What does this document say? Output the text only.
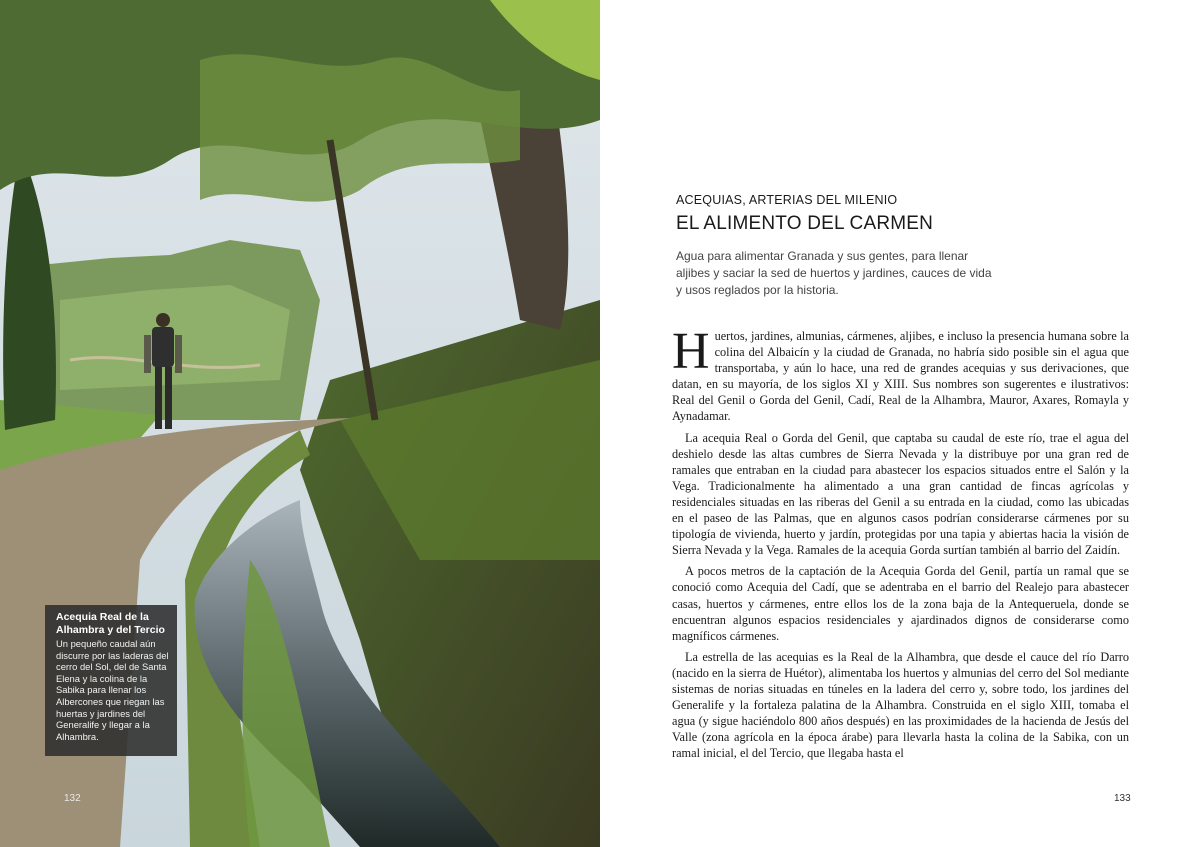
Acequia Real de la Alhambra y del Tercio

Un pequeño caudal aún discurre por las laderas del cerro del Sol, del de Santa Elena y la colina de la Sabika para llenar los Albercones que riegan las huertas y jardines del Generalife y llegar a la Alhambra.

132
ACEQUIAS, ARTERIAS DEL MILENIO
EL ALIMENTO DEL CARMEN
Agua para alimentar Granada y sus gentes, para llenar
aljibes y saciar la sed de huertos y jardines, cauces de vida
y usos reglados por la historia.

Huertos, jardines, almunias, cármenes, aljibes, e incluso la presencia humana sobre la colina del Albaicín y la ciudad de Granada, no habría sido posible sin el agua que transportaba, y aún lo hace, una red de grandes acequias y sus derivaciones, que datan, en su mayoría, de los siglos XI y XIII. Sus nombres son sugerentes e ilustrativos: Real del Genil o Gorda del Genil, Cadí, Real de la Alhambra, Mauror, Axares, Romayla y Aynadamar.

La acequia Real o Gorda del Genil, que captaba su caudal de este río, trae el agua del deshielo desde las altas cumbres de Sierra Nevada y la distribuye por una gran red de ramales que entraban en la ciudad para abastecer los espacios situados entre el Salón y la Vega. Tradicionalmente ha alimentado a una gran cantidad de fincas agrícolas y residenciales situadas en las riberas del Genil a su entrada en la ciudad, como las ubicadas en el paseo de las Palmas, que en algunos casos podrían considerarse cármenes por su tipología de vivienda, huerto y jardín, protegidas por una tapia y abiertas hacia la visión de Sierra Nevada y la Vega. Ramales de la acequia Gorda surtían también al barrio del Zaidín.

A pocos metros de la captación de la Acequia Gorda del Genil, partía un ramal que se conoció como Acequia del Cadí, que se adentraba en el barrio del Realejo para abastecer casas, huertos y cármenes, entre ellos los de la zona baja de la Antequeruela, donde se encuentran algunos espacios residenciales y ajardinados dignos de considerarse como magníficos cármenes.

La estrella de las acequias es la Real de la Alhambra, que desde el cauce del río Darro (nacido en la sierra de Huétor), alimentaba los huertos y almunias del cerro del Sol mediante sistemas de norias situadas en túneles en la ladera del cerro y, sobre todo, los jardines del Generalife y la fortaleza palatina de la Alhambra. Construida en el siglo XIII, tomaba el agua (y sigue haciéndolo 800 años después) en las proximidades de la hacienda de Jesús del Valle (zona agrícola en la época árabe) para llevarla hasta la colina de la Sabika, con un ramal inicial, el del Tercio, que llegaba hasta el

133
